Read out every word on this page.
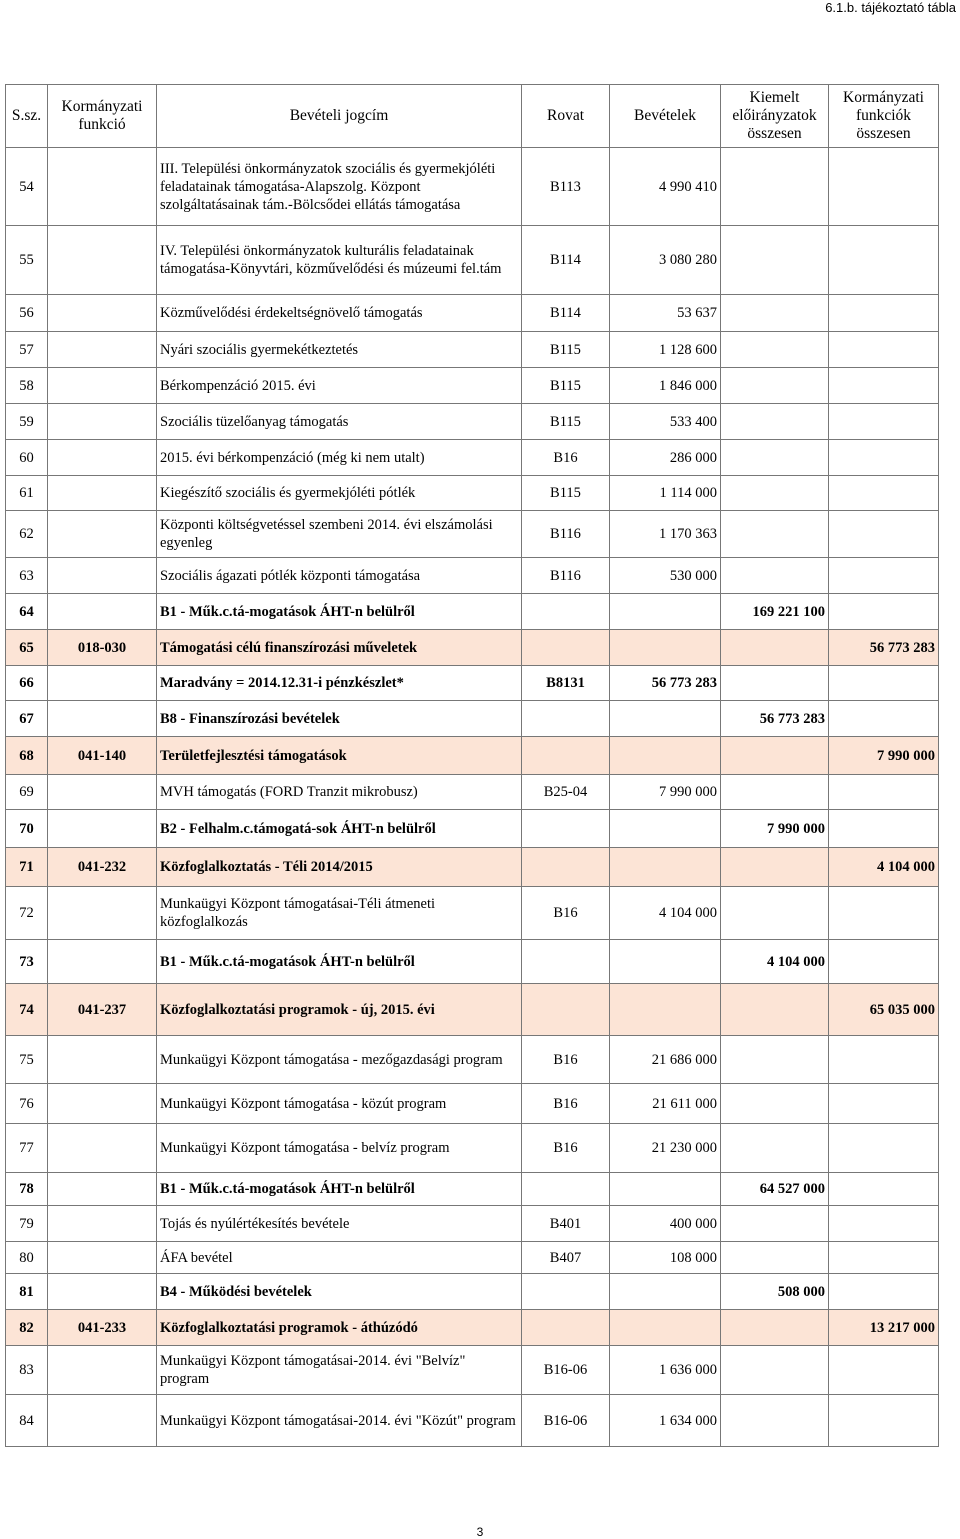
6.1.b. tájékoztató tábla
S.sz.	Kormányzati funkció	Bevételi jogcím	Rovat	Bevételek	Kiemelt előirányzatok összesen	Kormányzati funkciók összesen
54		III. Települési önkormányzatok szociális és gyermekjóléti feladatainak támogatása-Alapszolg. Központ szolgáltatásainak tám.-Bölcsődei ellátás támogatása	B113	4 990 410		
55		IV. Települési önkormányzatok kulturális feladatainak támogatása-Könyvtári, közművelődési és múzeumi fel.tám	B114	3 080 280		
56		Közművelődési érdekeltségnövelő támogatás	B114	53 637		
57		Nyári szociális gyermekétkeztetés	B115	1 128 600		
58		Bérkompenzáció 2015. évi	B115	1 846 000		
59		Szociális tüzelőanyag támogatás	B115	533 400		
60		2015. évi bérkompenzáció (még ki nem utalt)	B16	286 000		
61		Kiegészítő szociális és gyermekjóléti pótlék	B115	1 114 000		
62		Központi költségvetéssel szembeni 2014. évi elszámolási egyenleg	B116	1 170 363		
63		Szociális ágazati pótlék központi támogatása	B116	530 000		
64		B1 - Műk.c.tá-mogatások ÁHT-n belülről			169 221 100	
65	018-030	Támogatási célú finanszírozási műveletek				56 773 283
66		Maradvány = 2014.12.31-i pénzkészlet*	B8131	56 773 283		
67		B8 - Finanszírozási bevételek			56 773 283	
68	041-140	Területfejlesztési támogatások				7 990 000
69		MVH támogatás (FORD Tranzit mikrobusz)	B25-04	7 990 000		
70		B2 - Felhalm.c.támogatá-sok ÁHT-n belülről			7 990 000	
71	041-232	Közfoglalkoztatás - Téli 2014/2015				4 104 000
72		Munkaügyi Központ támogatásai-Téli átmeneti közfoglalkozás	B16	4 104 000		
73		B1 - Műk.c.tá-mogatások ÁHT-n belülről			4 104 000	
74	041-237	Közfoglalkoztatási programok - új, 2015. évi				65 035 000
75		Munkaügyi Központ támogatása - mezőgazdasági program	B16	21 686 000		
76		Munkaügyi Központ támogatása - közút program	B16	21 611 000		
77		Munkaügyi Központ támogatása - belvíz program	B16	21 230 000		
78		B1 - Műk.c.tá-mogatások ÁHT-n belülről			64 527 000	
79		Tojás és nyúlértékesítés bevétele	B401	400 000		
80		ÁFA bevétel	B407	108 000		
81		B4 - Működési bevételek			508 000	
82	041-233	Közfoglalkoztatási programok - áthúzódó				13 217 000
83		Munkaügyi Központ támogatásai-2014. évi "Belvíz" program	B16-06	1 636 000		
84		Munkaügyi Központ támogatásai-2014. évi "Közút" program	B16-06	1 634 000		
3
